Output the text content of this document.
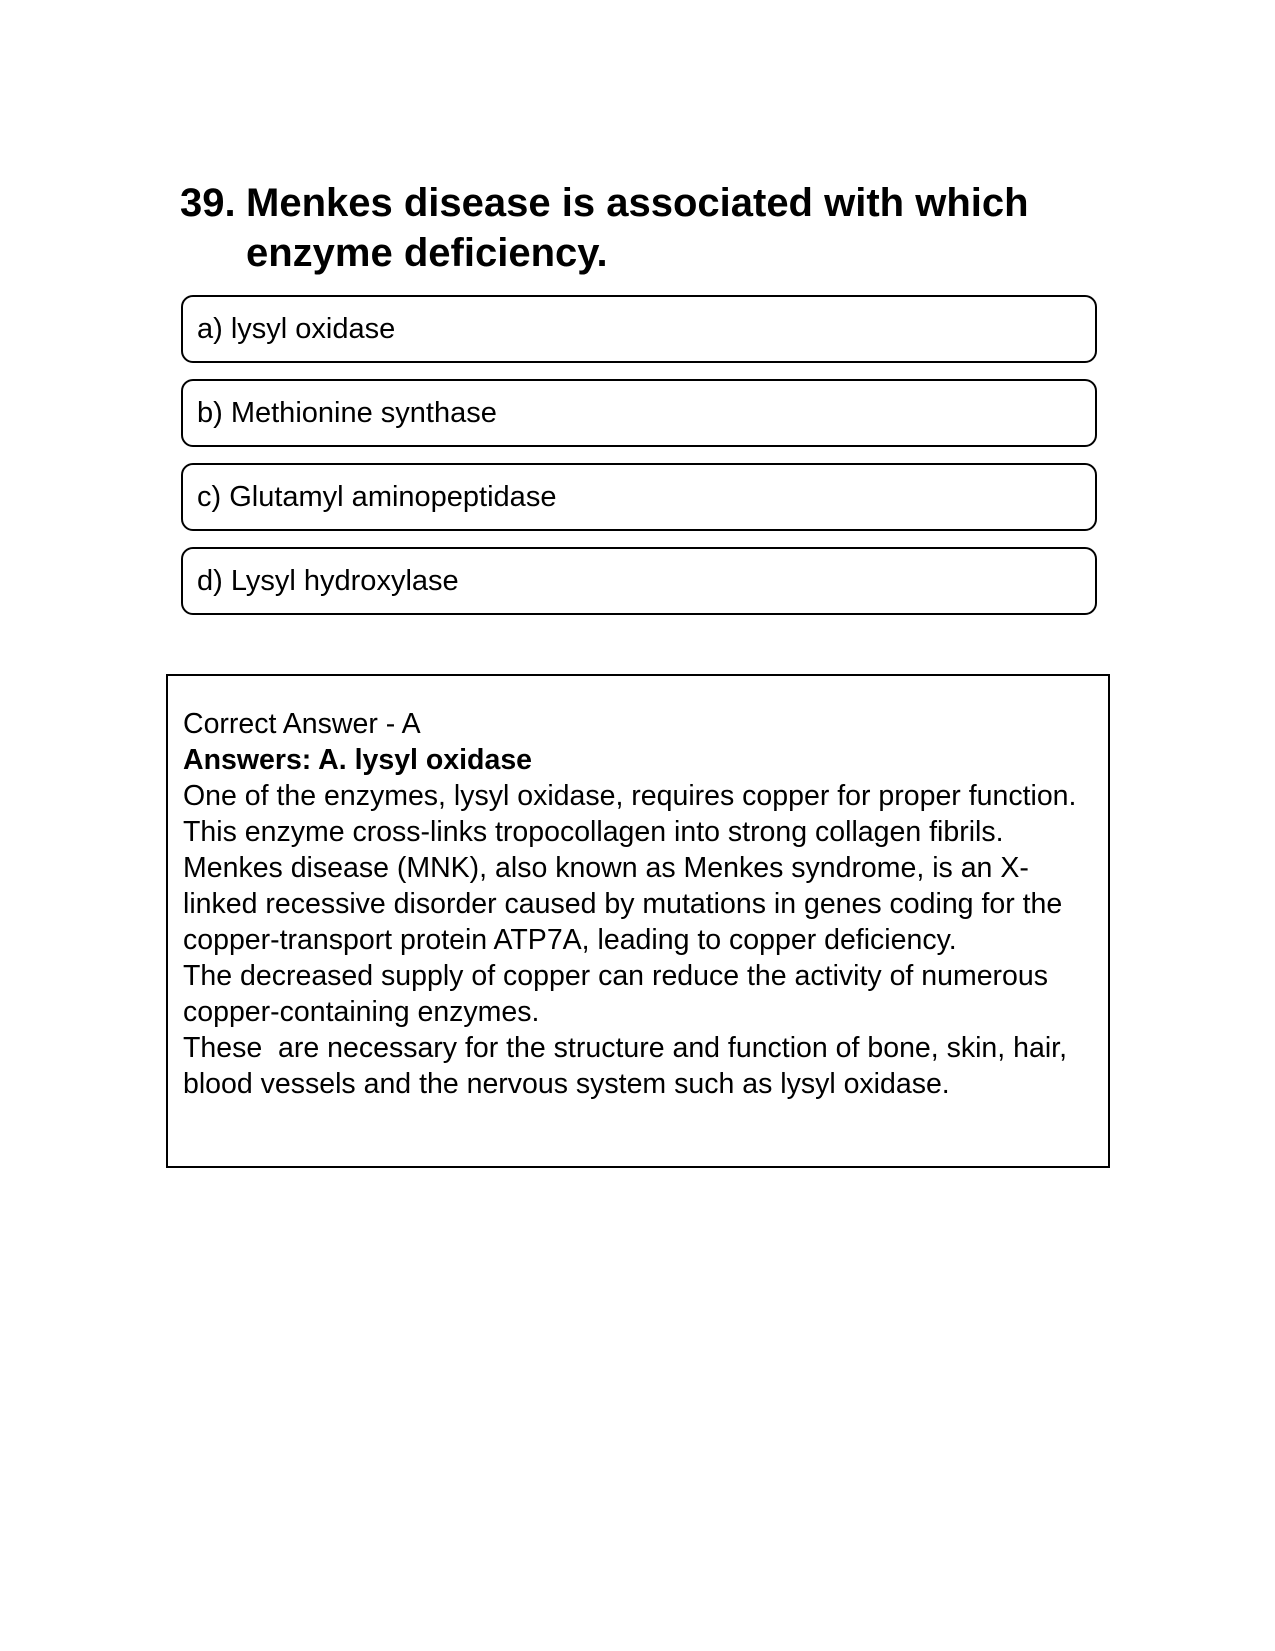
39. Menkes disease is associated with which enzyme deficiency.
a) lysyl oxidase
b) Methionine synthase
c) Glutamyl aminopeptidase
d) Lysyl hydroxylase

Correct Answer - A

Answers: A. lysyl oxidase

One of the enzymes, lysyl oxidase, requires copper for proper function. This enzyme cross-links tropocollagen into strong collagen fibrils.

Menkes disease (MNK), also known as Menkes syndrome, is an X-linked recessive disorder caused by mutations in genes coding for the copper-transport protein ATP7A, leading to copper deficiency.

The decreased supply of copper can reduce the activity of numerous copper-containing enzymes.

These  are necessary for the structure and function of bone, skin, hair, blood vessels and the nervous system such as lysyl oxidase.
